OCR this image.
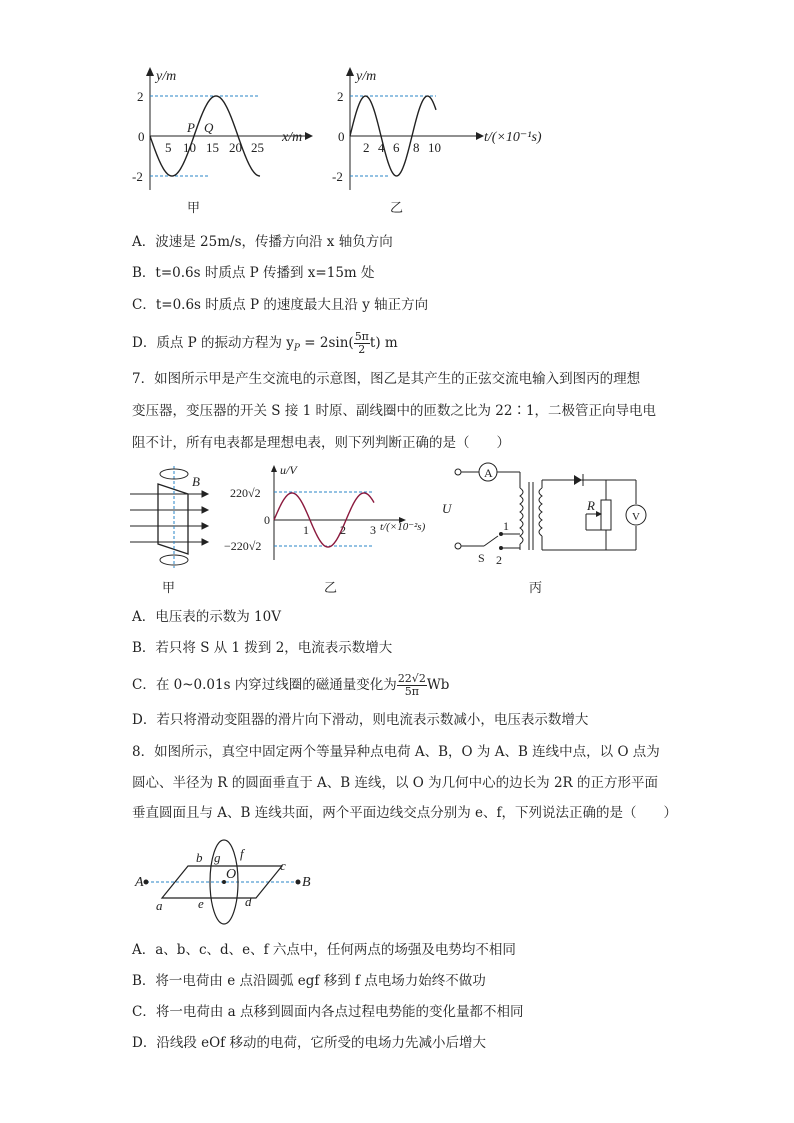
y/m
2
0
-2
5 10 15 20 25
P Q
x/m
甲
y/m
2
0
-2
2 4 6 8 10
t/(×10⁻¹s)
乙
A．波速是 25m/s，传播方向沿 x 轴负方向
B．t=0.6s 时质点 P 传播到 x=15m 处
C．t=0.6s 时质点 P 的速度最大且沿 y 轴正方向
D．质点 P 的振动方程为 $y_P = 2\sin( \frac{5\pi}{2} t)$ m
7．如图所示甲是产生交流电的示意图，图乙是其产生的正弦交流电输入到图丙的理想
变压器，变压器的开关 S 接 1 时原、副线圈中的匝数之比为 22∶1，二极管正向导电电
阻不计，所有电表都是理想电表，则下列判断正确的是（　　）
B
甲
u/V
220√2
0
−220√2
1	2 3 t/(×10⁻²s)
乙
A
U
S
1
2
R
V
丙
A．电压表的示数为 10V
B．若只将 S 从 1 拨到 2，电流表示数增大
C．在 0~0.01s 内穿过线圈的磁通量变化为 $\frac{22√2}{5\pi}$ Wb
D．若只将滑动变阻器的滑片向下滑动，则电流表示数减小，电压表示数增大
8．如图所示，真空中固定两个等量异种点电荷 A、B，O 为 A、B 连线中点，以 O 点为
圆心、半径为 R 的圆面垂直于 A、B 连线，以 O 为几何中心的边长为 2R 的正方形平面
垂直圆面且与 A、B 连线共面，两个平面边线交点分别为 e、f，下列说法正确的是（　　）
A	B
O
a
b
c
d
e
f
g
A．a、b、c、d、e、f 六点中，任何两点的场强及电势均不相同
B．将一电荷由 e 点沿圆弧 egf 移到 f 点电场力始终不做功
C．将一电荷由 a 点移到圆面内各点过程电势能的变化量都不相同
D．沿线段 eOf 移动的电荷，它所受的电场力先减小后增大
